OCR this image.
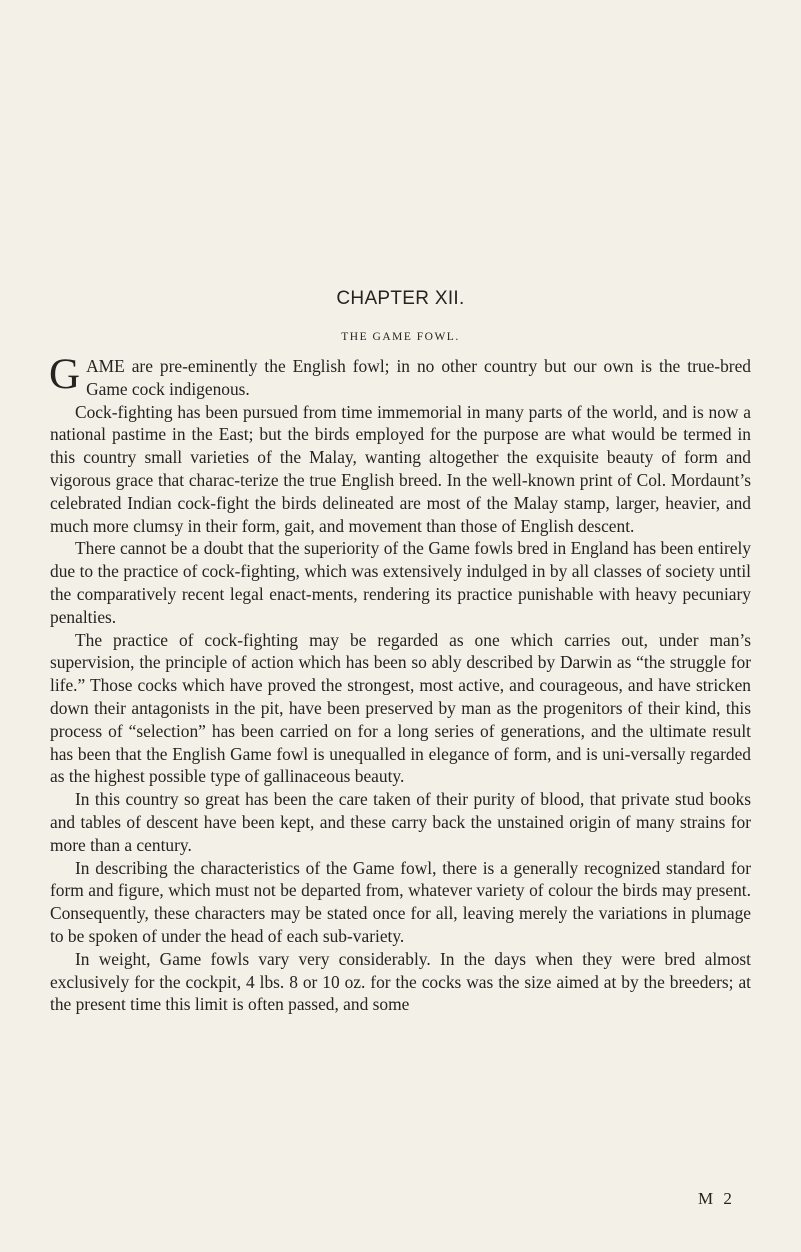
CHAPTER XII.
THE GAME FOWL.

GAME are pre-eminently the English fowl; in no other country but our own is the true-bred Game cock indigenous.

Cock-fighting has been pursued from time immemorial in many parts of the world, and is now a national pastime in the East; but the birds employed for the purpose are what would be termed in this country small varieties of the Malay, wanting altogether the exquisite beauty of form and vigorous grace that charac-terize the true English breed. In the well-known print of Col. Mordaunt’s celebrated Indian cock-fight the birds delineated are most of the Malay stamp, larger, heavier, and much more clumsy in their form, gait, and movement than those of English descent.

There cannot be a doubt that the superiority of the Game fowls bred in England has been entirely due to the practice of cock-fighting, which was extensively indulged in by all classes of society until the comparatively recent legal enact-ments, rendering its practice punishable with heavy pecuniary penalties.

The practice of cock-fighting may be regarded as one which carries out, under man’s supervision, the principle of action which has been so ably described by Darwin as “the struggle for life.” Those cocks which have proved the strongest, most active, and courageous, and have stricken down their antagonists in the pit, have been preserved by man as the progenitors of their kind, this process of “selection” has been carried on for a long series of generations, and the ultimate result has been that the English Game fowl is unequalled in elegance of form, and is uni-versally regarded as the highest possible type of gallinaceous beauty.

In this country so great has been the care taken of their purity of blood, that private stud books and tables of descent have been kept, and these carry back the unstained origin of many strains for more than a century.

In describing the characteristics of the Game fowl, there is a generally recognized standard for form and figure, which must not be departed from, whatever variety of colour the birds may present. Consequently, these characters may be stated once for all, leaving merely the variations in plumage to be spoken of under the head of each sub-variety.

In weight, Game fowls vary very considerably. In the days when they were bred almost exclusively for the cockpit, 4 lbs. 8 or 10 oz. for the cocks was the size aimed at by the breeders; at the present time this limit is often passed, and some

M 2
